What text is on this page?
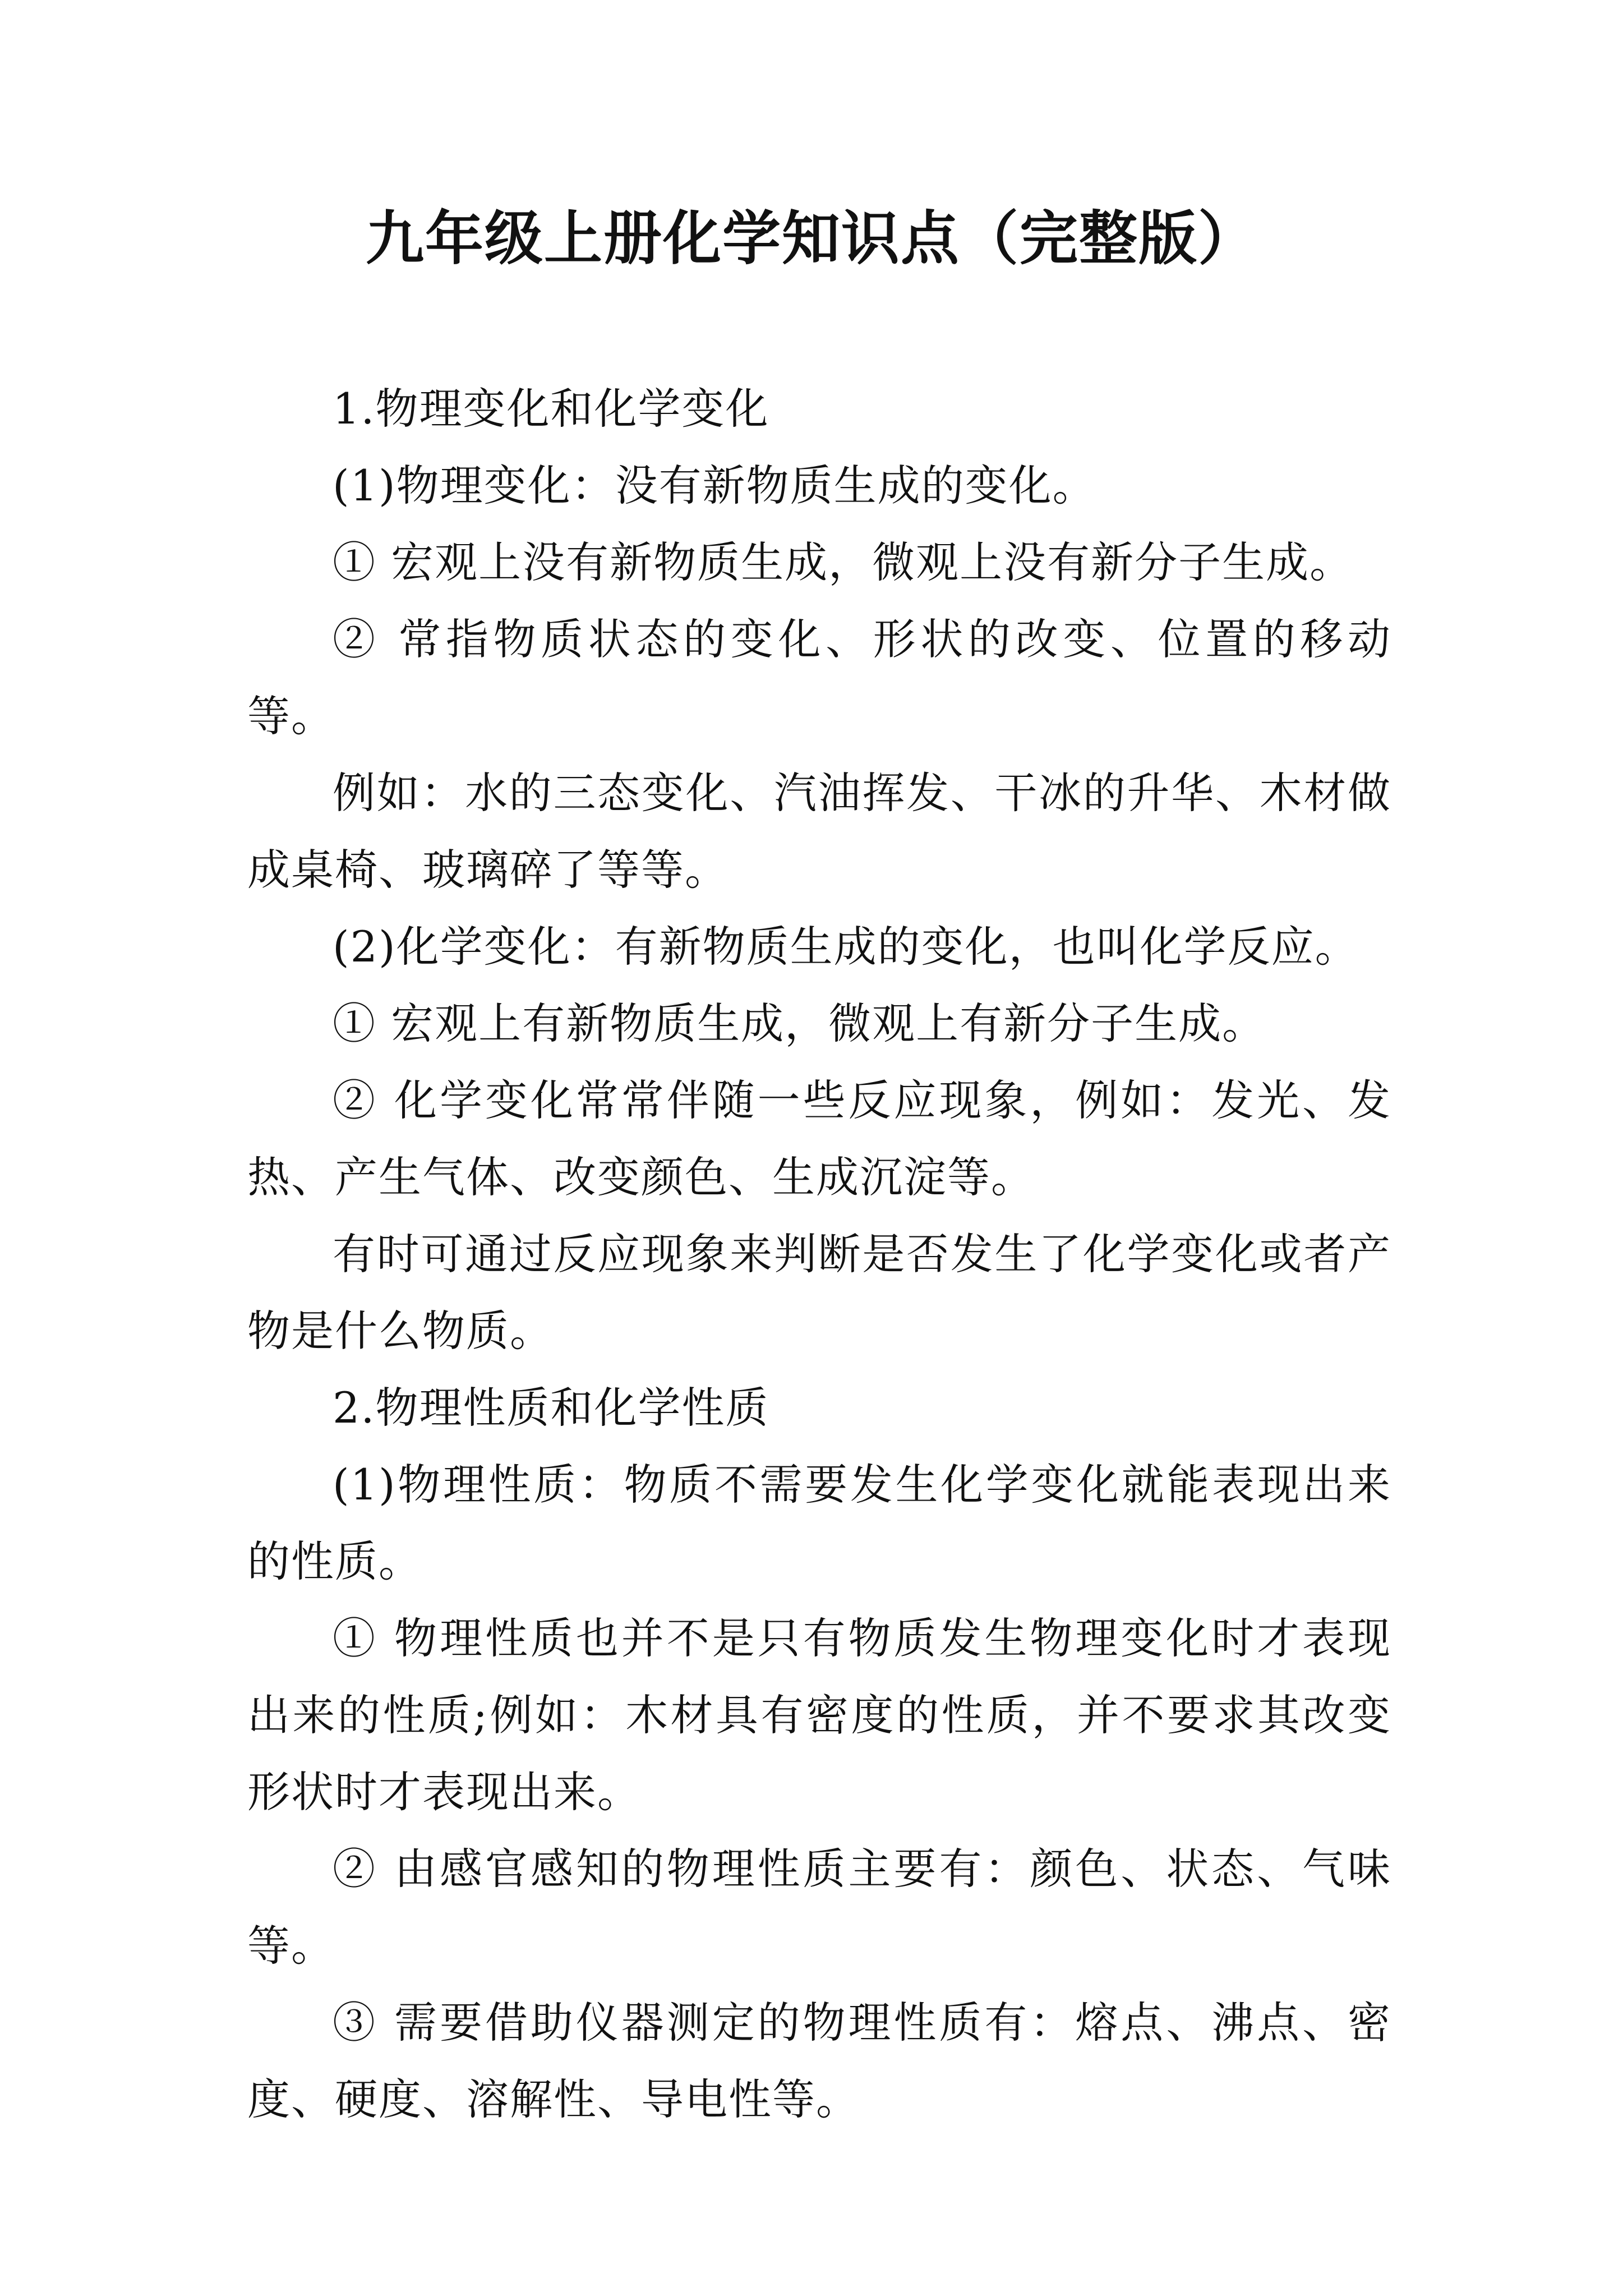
九年级上册化学知识点（完整版）

1.物理变化和化学变化

(1)物理变化：没有新物质生成的变化。

① 宏观上没有新物质生成，微观上没有新分子生成。

② 常指物质状态的变化、形状的改变、位置的移动等。

例如：水的三态变化、汽油挥发、干冰的升华、木材做成桌椅、玻璃碎了等等。

(2)化学变化：有新物质生成的变化，也叫化学反应。

① 宏观上有新物质生成，微观上有新分子生成。

② 化学变化常常伴随一些反应现象，例如：发光、发热、产生气体、改变颜色、生成沉淀等。

有时可通过反应现象来判断是否发生了化学变化或者产物是什么物质。

2.物理性质和化学性质

(1)物理性质：物质不需要发生化学变化就能表现出来的性质。

① 物理性质也并不是只有物质发生物理变化时才表现出来的性质;例如：木材具有密度的性质，并不要求其改变形状时才表现出来。

② 由感官感知的物理性质主要有：颜色、状态、气味等。

③ 需要借助仪器测定的物理性质有：熔点、沸点、密度、硬度、溶解性、导电性等。
